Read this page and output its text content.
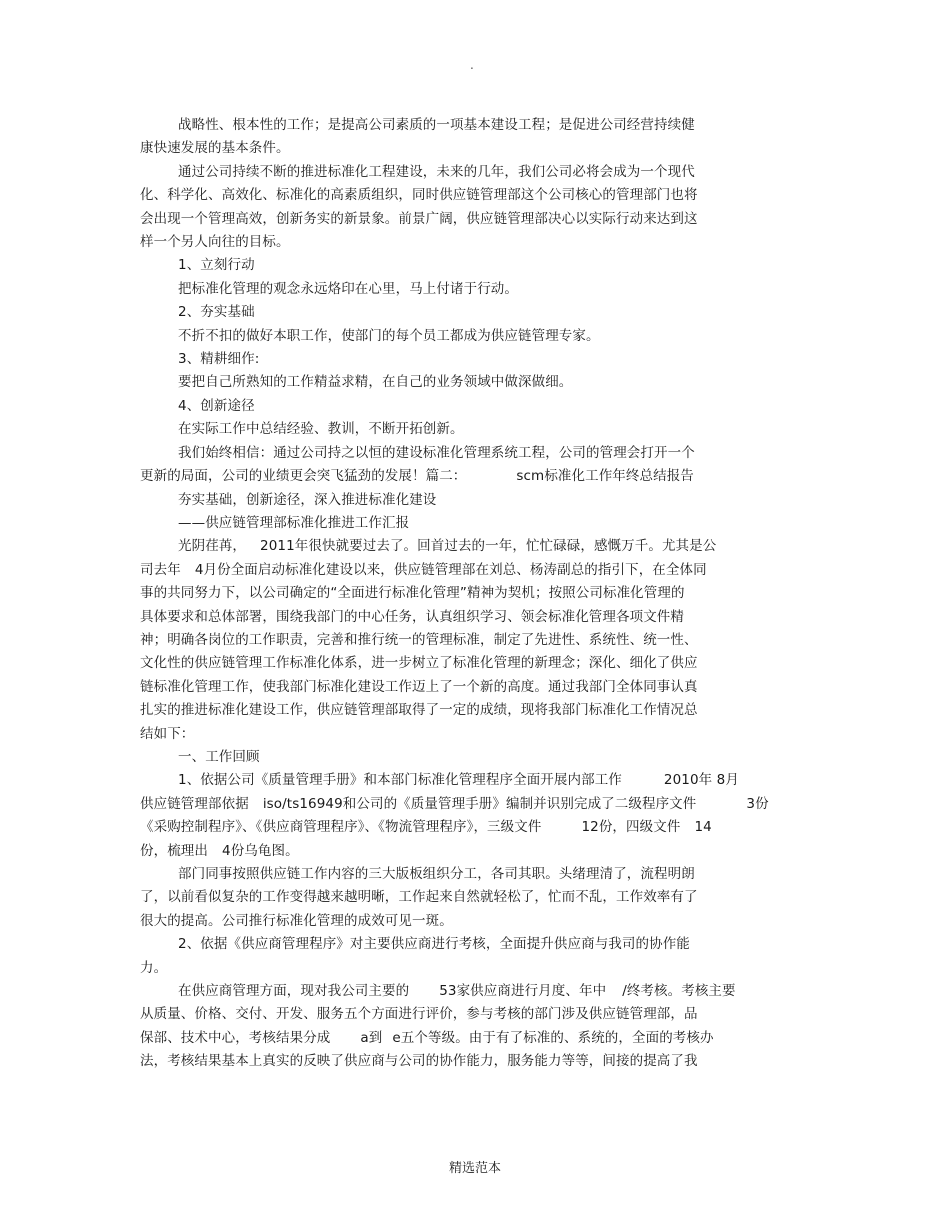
.

战略性、根本性的工作；是提高公司素质的一项基本建设工程；是促进公司经营持续健

康快速发展的基本条件。

通过公司持续不断的推进标准化工程建设，未来的几年，我们公司必将会成为一个现代

化、科学化、高效化、标准化的高素质组织，同时供应链管理部这个公司核心的管理部门也将

会出现一个管理高效，创新务实的新景象。前景广阔，供应链管理部决心以实际行动来达到这

样一个另人向往的目标。

1、立刻行动

把标准化管理的观念永远烙印在心里，马上付诸于行动。

2、夯实基础

不折不扣的做好本职工作，使部门的每个员工都成为供应链管理专家。

3、精耕细作:

要把自己所熟知的工作精益求精，在自己的业务领域中做深做细。

4、创新途径

在实际工作中总结经验、教训，不断开拓创新。

我们始终相信：通过公司持之以恒的建设标准化管理系统工程，公司的管理会打开一个

更新的局面，公司的业绩更会突飞猛劲的发展！篇二：	scm标准化工作年终总结报告

夯实基础，创新途径，深入推进标准化建设

——供应链管理部标准化推进工作汇报

光阴荏苒， 2011年很快就要过去了。回首过去的一年，忙忙碌碌，感慨万千。尤其是公

司去年 4月份全面启动标准化建设以来，供应链管理部在刘总、杨涛副总的指引下，在全体同

事的共同努力下，以公司确定的“全面进行标准化管理”精神为契机；按照公司标准化管理的

具体要求和总体部署，围绕我部门的中心任务，认真组织学习、领会标准化管理各项文件精

神；明确各岗位的工作职责，完善和推行统一的管理标准，制定了先进性、系统性、统一性、

文化性的供应链管理工作标准化体系，进一步树立了标准化管理的新理念；深化、细化了供应

链标准化管理工作，使我部门标准化建设工作迈上了一个新的高度。通过我部门全体同事认真

扎实的推进标准化建设工作，供应链管理部取得了一定的成绩，现将我部门标准化工作情况总

结如下：

一、工作回顾

1、依据公司《质量管理手册》和本部门标准化管理程序全面开展内部工作	2010年 8月

供应链管理部依据 iso/ts16949和公司的《质量管理手册》编制并识别完成了二级程序文件	3份

《采购控制程序》、《供应商管理程序》、《物流管理程序》，三级文件	12份，四级文件 14

份，梳理出 4份乌龟图。

部门同事按照供应链工作内容的三大版板组织分工，各司其职。头绪理清了，流程明朗

了，以前看似复杂的工作变得越来越明晰，工作起来自然就轻松了，忙而不乱，工作效率有了

很大的提高。公司推行标准化管理的成效可见一斑。

2、依据《供应商管理程序》对主要供应商进行考核，全面提升供应商与我司的协作能

力。

在供应商管理方面，现对我公司主要的 53家供应商进行月度、年中 /终考核。考核主要

从质量、价格、交付、开发、服务五个方面进行评价，参与考核的部门涉及供应链管理部，品

保部、技术中心，考核结果分成 a到 e五个等级。由于有了标准的、系统的，全面的考核办

法，考核结果基本上真实的反映了供应商与公司的协作能力，服务能力等等，间接的提高了我

精选范本
